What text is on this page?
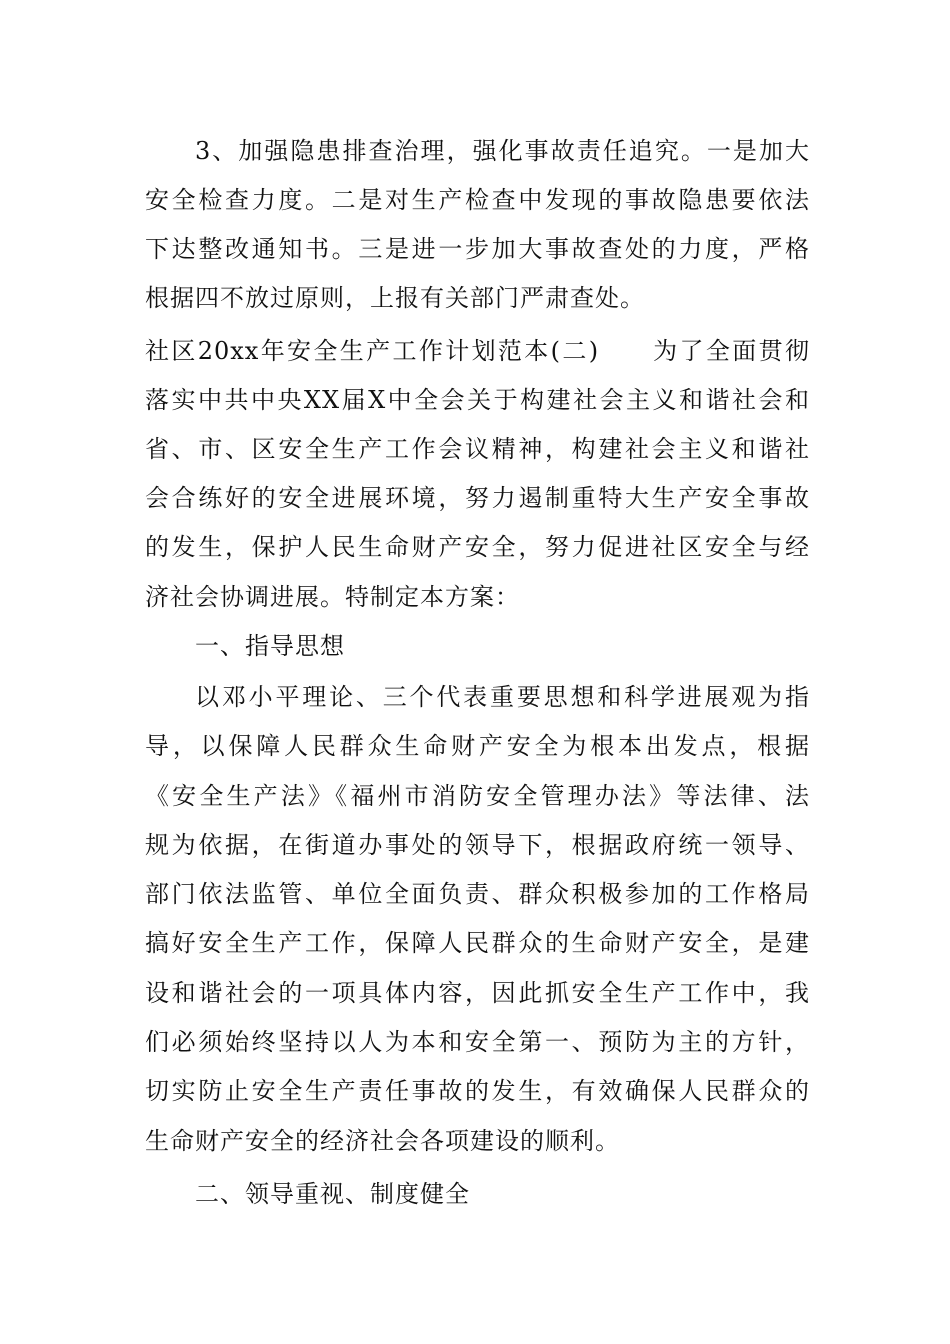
3、加强隐患排查治理，强化事故责任追究。一是加大
安全检查力度。二是对生产检查中发现的事故隐患要依法
下达整改通知书。三是进一步加大事故查处的力度，严格
根据四不放过原则，上报有关部门严肃查处。
社区20xx年安全生产工作计划范本(二)　　为了全面贯彻
落实中共中央XX届X中全会关于构建社会主义和谐社会和
省、市、区安全生产工作会议精神，构建社会主义和谐社
会合练好的安全进展环境，努力遏制重特大生产安全事故
的发生，保护人民生命财产安全，努力促进社区安全与经
济社会协调进展。特制定本方案：
一、指导思想
以邓小平理论、三个代表重要思想和科学进展观为指
导，以保障人民群众生命财产安全为根本出发点，根据
《安全生产法》《福州市消防安全管理办法》等法律、法
规为依据，在街道办事处的领导下，根据政府统一领导、
部门依法监管、单位全面负责、群众积极参加的工作格局
搞好安全生产工作，保障人民群众的生命财产安全，是建
设和谐社会的一项具体内容，因此抓安全生产工作中，我
们必须始终坚持以人为本和安全第一、预防为主的方针，
切实防止安全生产责任事故的发生，有效确保人民群众的
生命财产安全的经济社会各项建设的顺利。
二、领导重视、制度健全
